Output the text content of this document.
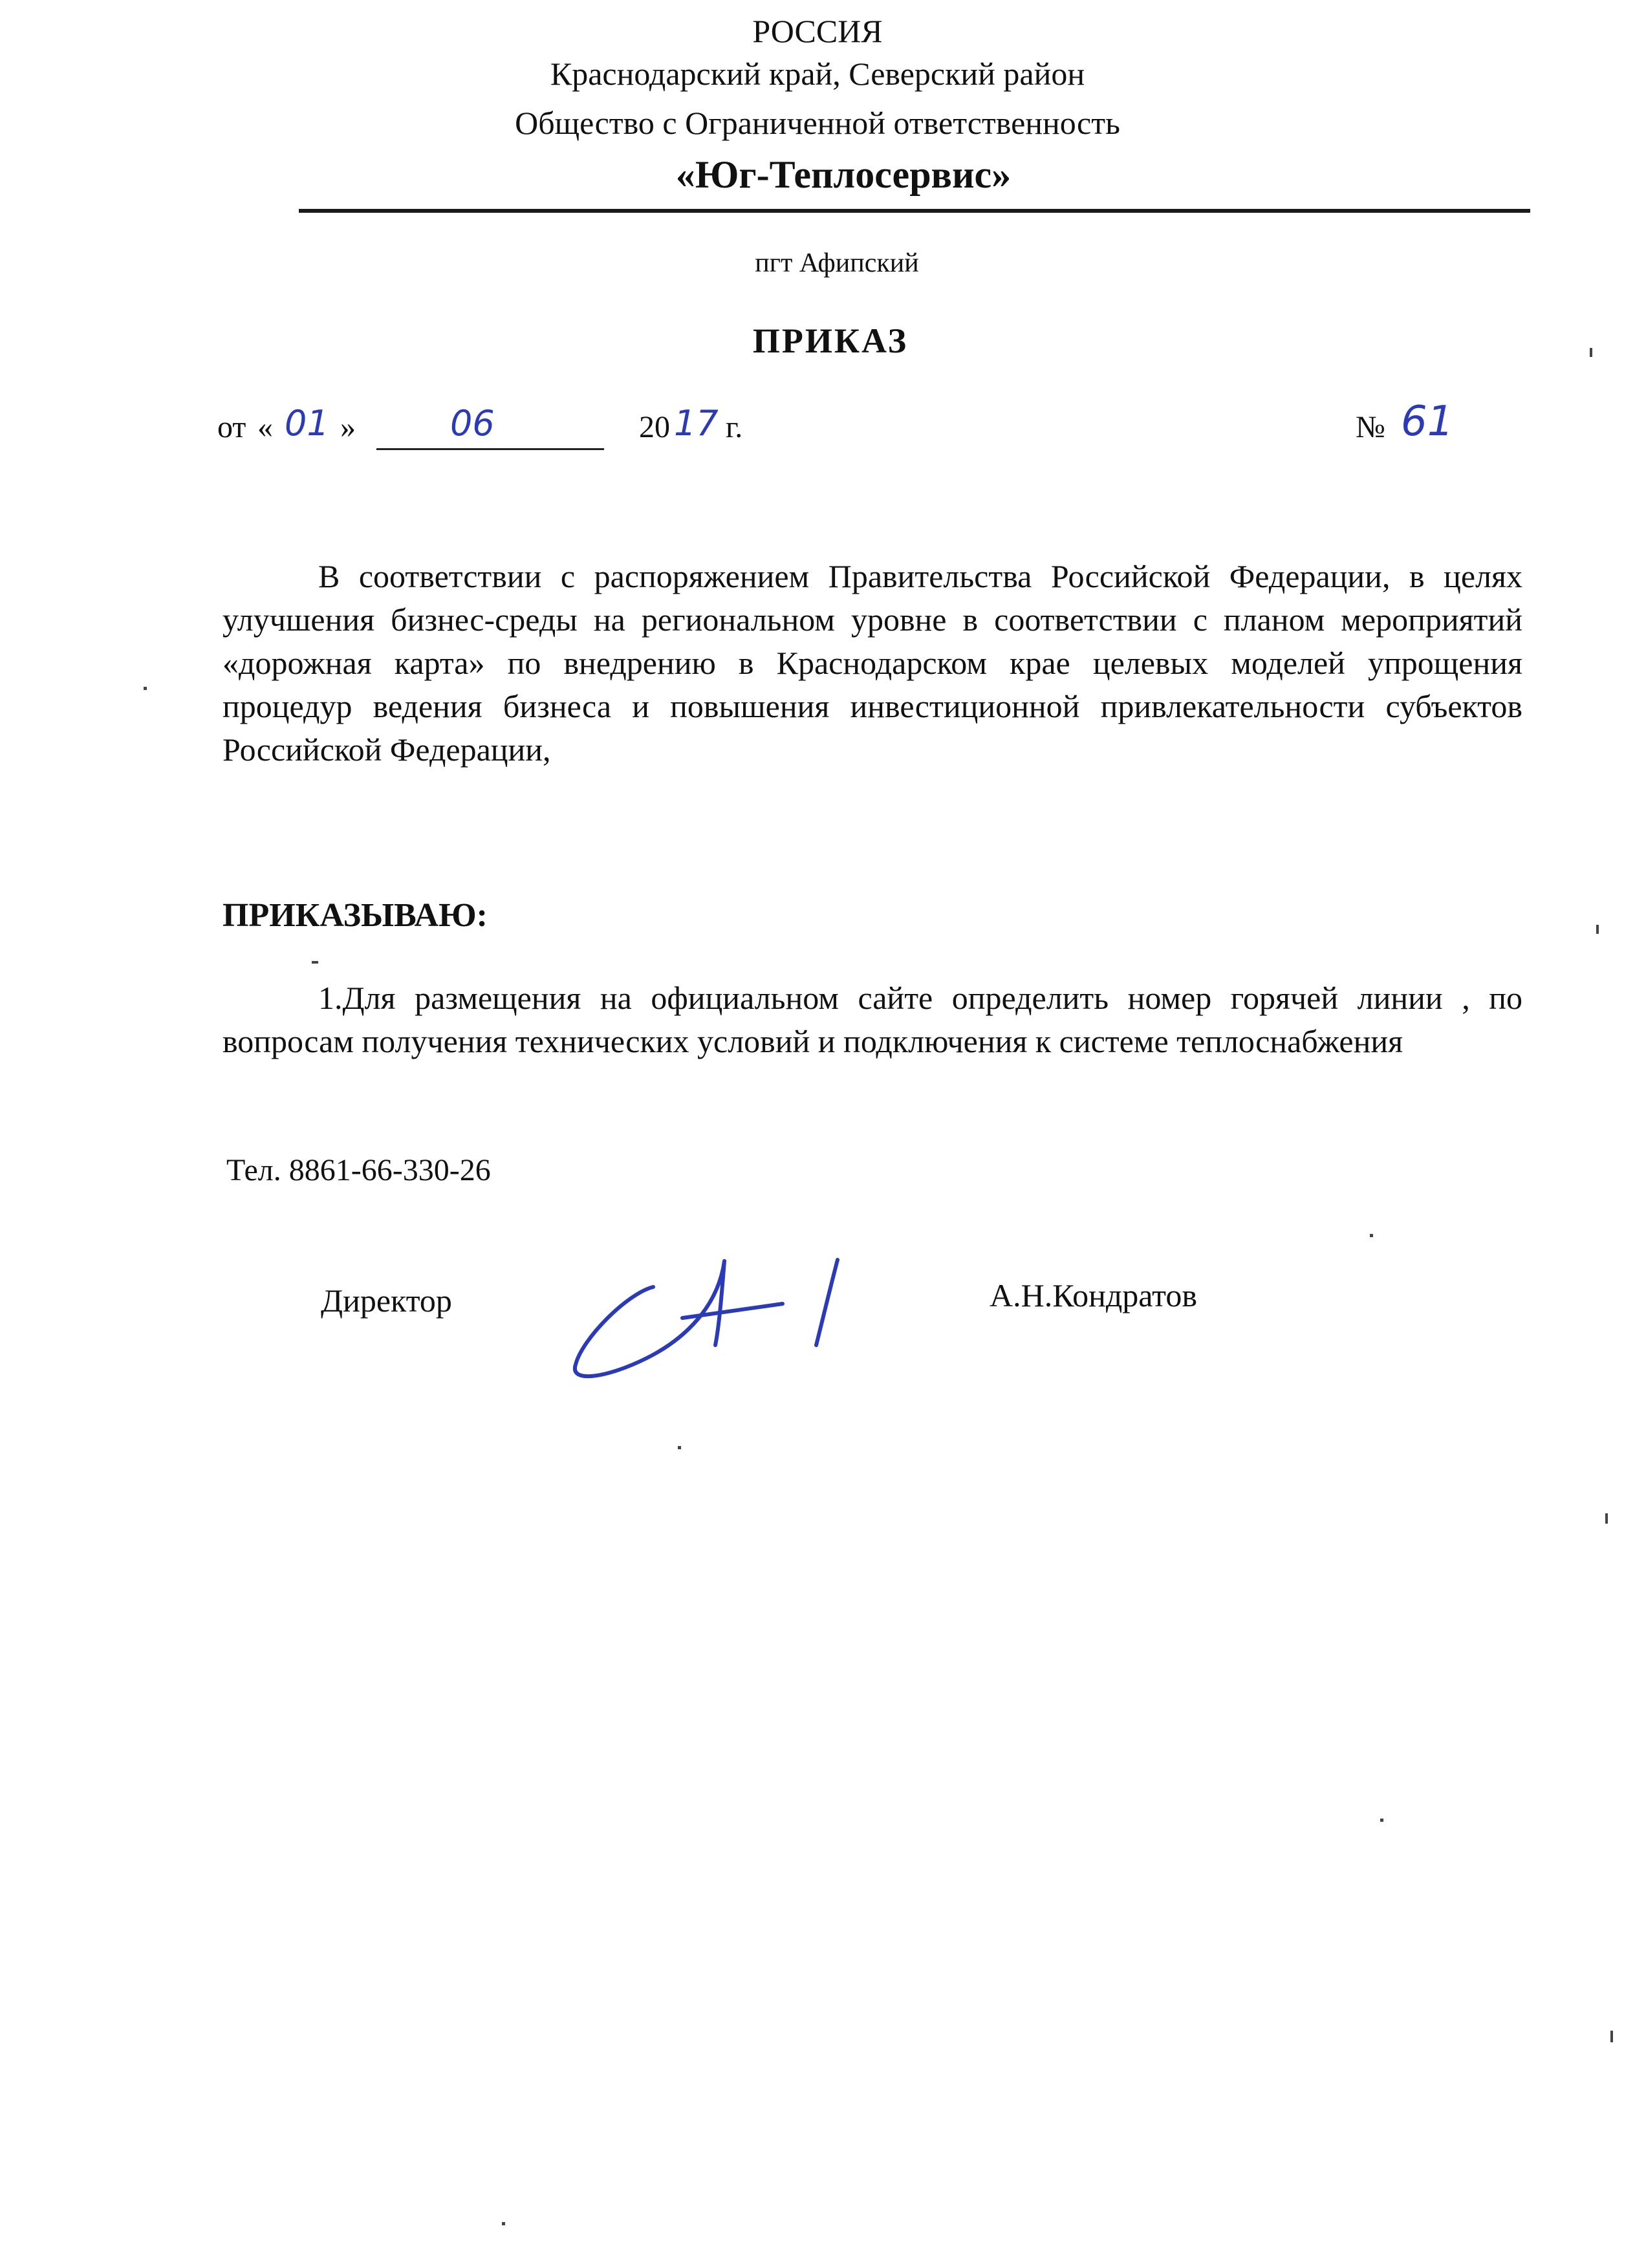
РОССИЯ
Краснодарский край, Северский район
Общество с Ограниченной ответственность
«Юг-Теплосервис»
пгт Афипский
ПРИКАЗ
от « 01 »	06	20 17 г.	№ 61
В соответствии с распоряжением Правительства Российской Федерации, в целях улучшения бизнес-среды на региональном уровне в соответствии с планом мероприятий «дорожная карта» по внедрению в Краснодарском крае целевых моделей упрощения процедур ведения бизнеса и повышения инвестиционной привлекательности субъектов Российской Федерации,
ПРИКАЗЫВАЮ:
1.Для размещения на официальном сайте определить номер горячей линии , по вопросам получения технических условий и подключения к системе теплоснабжения
Тел. 8861-66-330-26
Директор	А.Н.Кондратов
